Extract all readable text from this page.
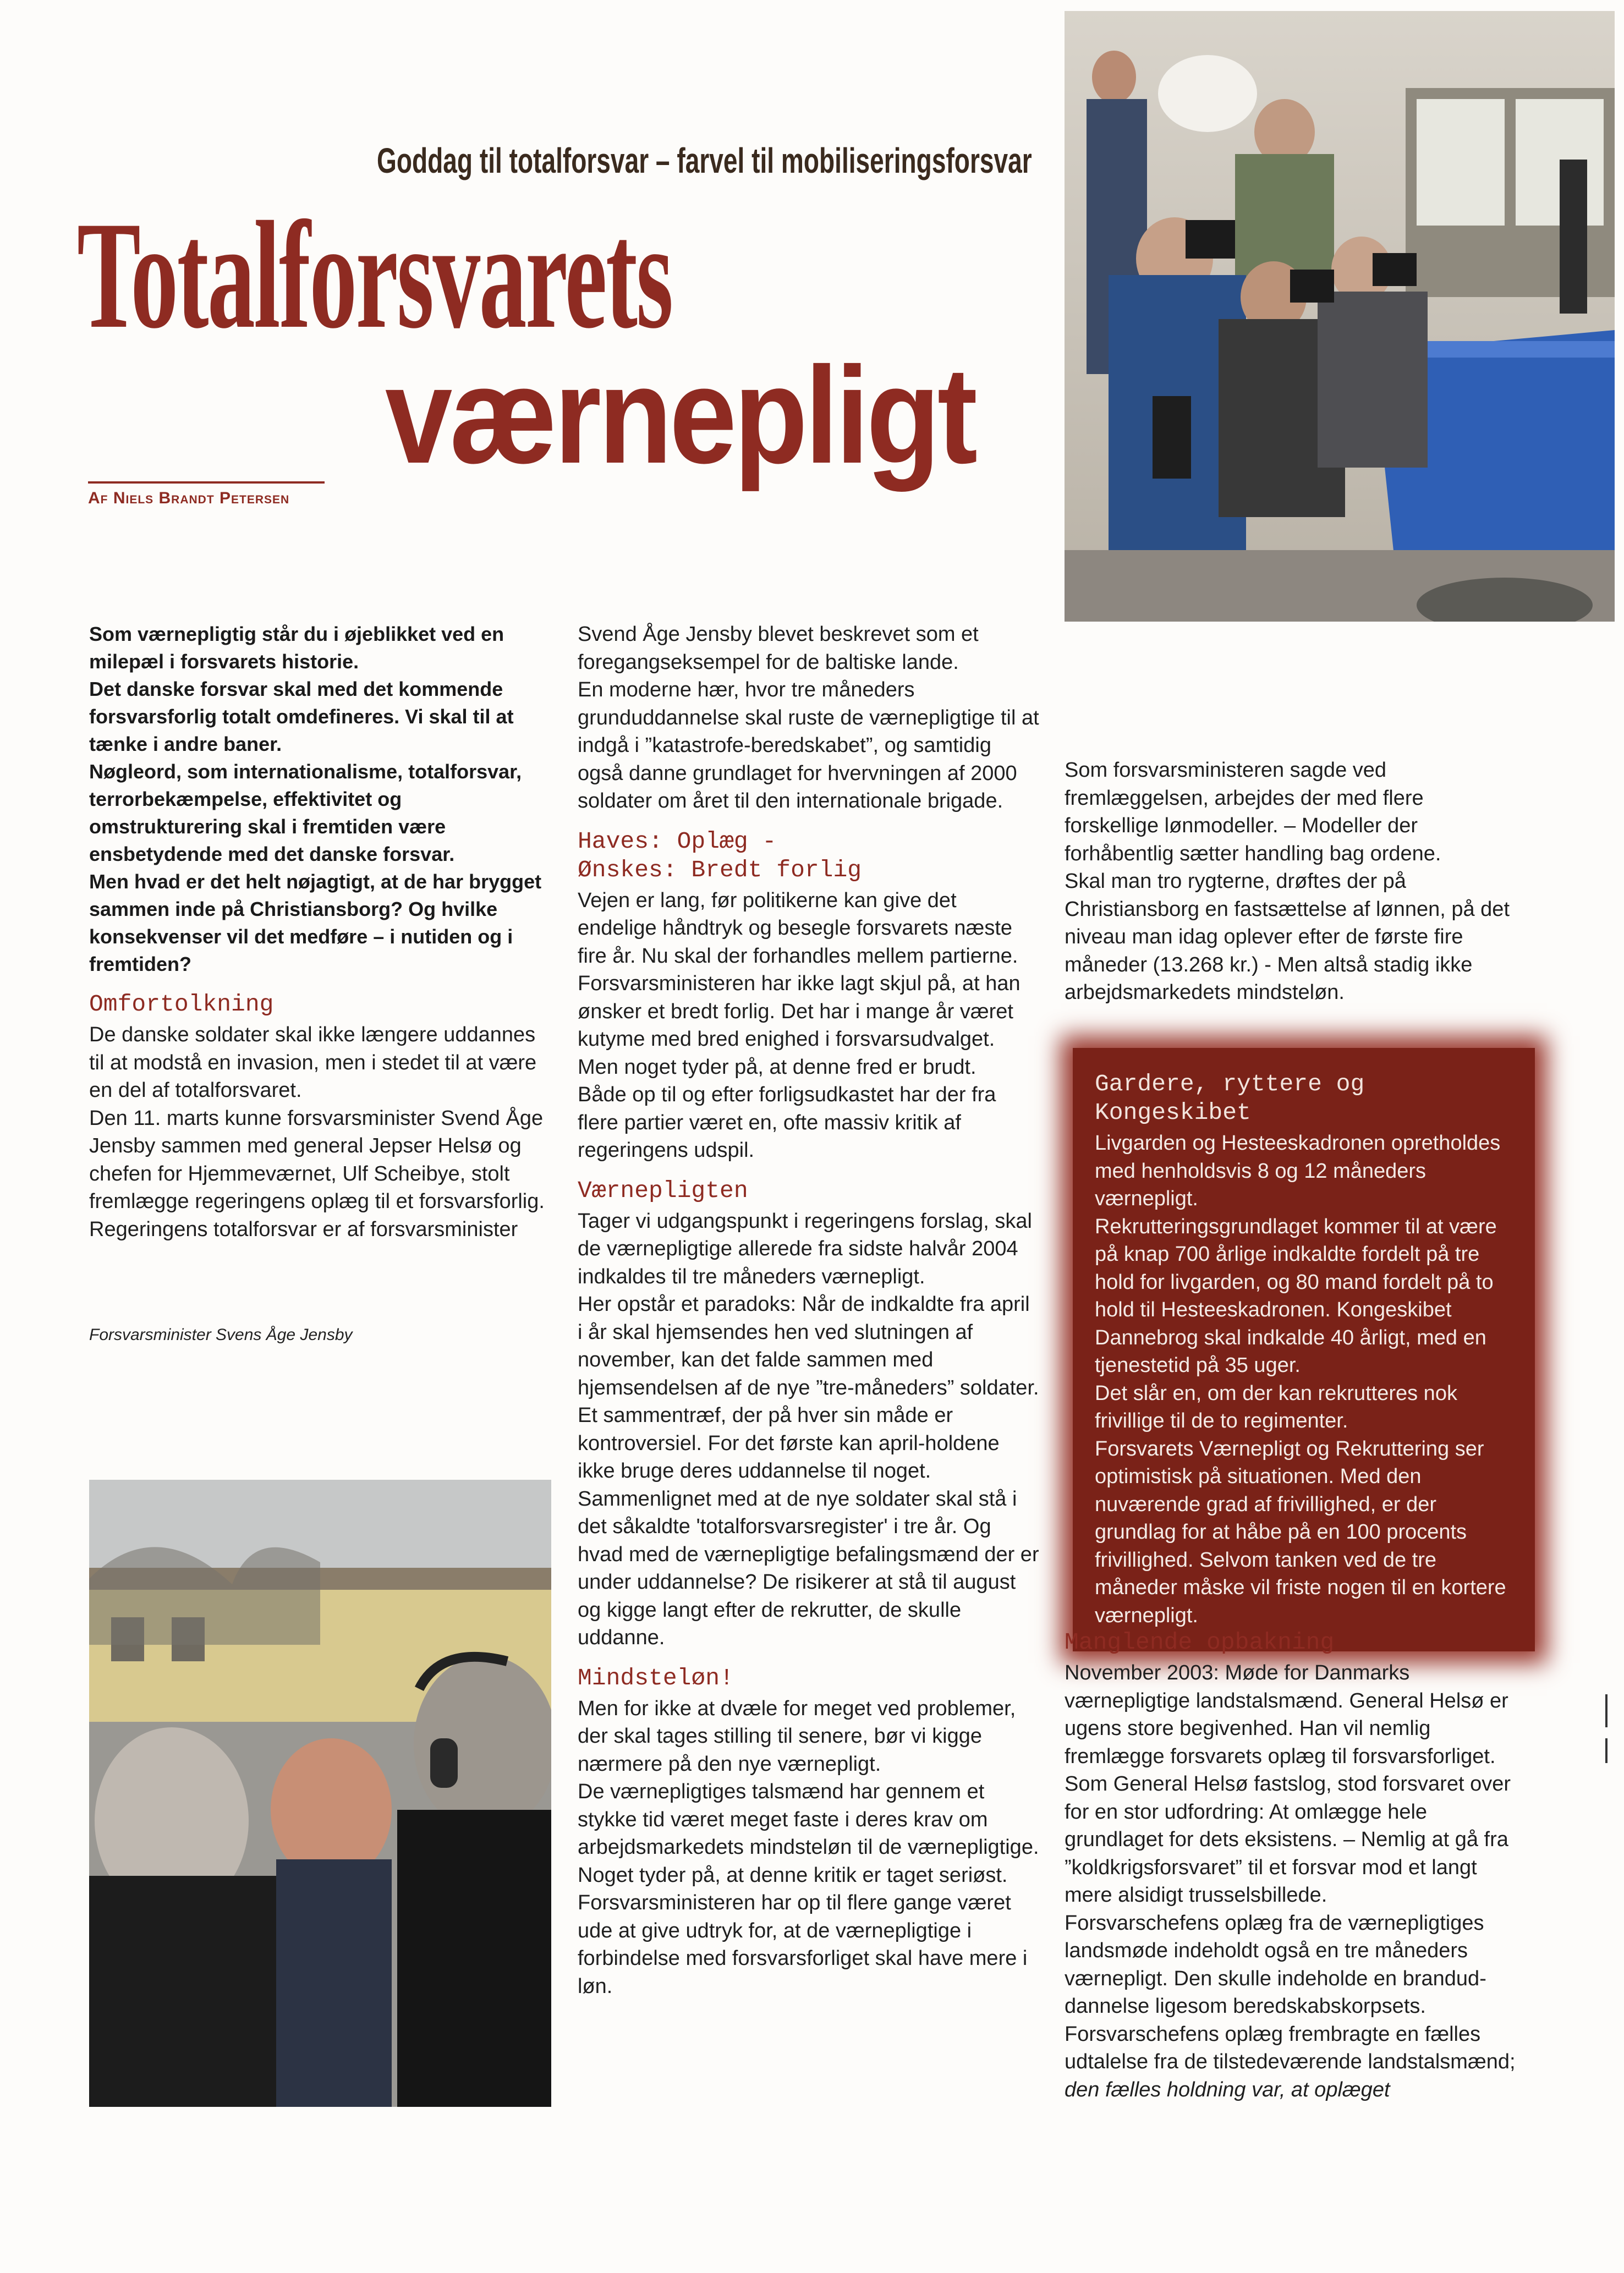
Goddag til totalforsvar – farvel til mobiliseringsforsvar
Totalforsvarets
værnepligt
Af Niels Brandt Petersen

Som værnepligtig står du i øjeblikket ved en milepæl i forsvarets historie.

Det danske forsvar skal med det kommende forsvarsforlig totalt omdefineres. Vi skal til at tænke i andre baner.

Nøgleord, som internationalisme, totalforsvar, terrorbekæmpelse, effektivitet og omstrukturering skal i fremtiden være ensbetydende med det danske forsvar.

Men hvad er det helt nøjagtigt, at de har brygget sammen inde på Christiansborg? Og hvilke konsekvenser vil det medføre – i nutiden og i fremtiden?

Omfortolkning

De danske soldater skal ikke længere uddannes til at modstå en invasion, men i stedet til at være en del af totalforsvaret.

Den 11. marts kunne forsvarsminister Svend Åge Jensby sammen med general Jepser Helsø og chefen for Hjemmeværnet, Ulf Scheibye, stolt fremlægge regeringens oplæg til et forsvarsforlig.

Regeringens totalforsvar er af forsvarsminister

Forsvarsminister Svens Åge Jensby

Svend Åge Jensby blevet beskrevet som et foregangseksempel for de baltiske lande.

En moderne hær, hvor tre måneders grunduddannelse skal ruste de værnepligtige til at indgå i ”katastrofe-beredskabet”, og samtidig også danne grundlaget for hvervningen af 2000 soldater om året til den internationale brigade.

Haves: Oplæg -
Ønskes: Bredt forlig

Vejen er lang, før politikerne kan give det endelige håndtryk og besegle forsvarets næste fire år. Nu skal der forhandles mellem partierne.

Forsvarsministeren har ikke lagt skjul på, at han ønsker et bredt forlig. Det har i mange år været kutyme med bred enighed i forsvarsudvalget. Men noget tyder på, at denne fred er brudt.

Både op til og efter forligsudkastet har der fra flere partier været en, ofte massiv kritik af regeringens udspil.

Værnepligten

Tager vi udgangspunkt i regeringens forslag, skal de værnepligtige allerede fra sidste halvår 2004 indkaldes til tre måneders værnepligt.

Her opstår et paradoks: Når de indkaldte fra april i år skal hjemsendes hen ved slutningen af november, kan det falde sammen med hjemsendelsen af de nye ”tre-måneders” soldater.

Et sammentræf, der på hver sin måde er kontroversiel. For det første kan april-holdene ikke bruge deres uddannelse til noget.

Sammenlignet med at de nye soldater skal stå i det såkaldte 'totalforsvarsregister' i tre år. Og hvad med de værnepligtige befalingsmænd der er under uddannelse? De risikerer at stå til august og kigge langt efter de rekrutter, de skulle uddanne.

Mindsteløn!

Men for ikke at dvæle for meget ved problemer, der skal tages stilling til senere, bør vi kigge nærmere på den nye værnepligt.

De værnepligtiges talsmænd har gennem et stykke tid været meget faste i deres krav om arbejdsmarkedets mindsteløn til de værnepligtige.

Noget tyder på, at denne kritik er taget seriøst. Forsvarsministeren har op til flere gange været ude at give udtryk for, at de værnepligtige i forbindelse med forsvarsforliget skal have mere i løn.

Som forsvarsministeren sagde ved fremlæggelsen, arbejdes der med flere forskellige lønmodeller. – Modeller der forhåbentlig sætter handling bag ordene.

Skal man tro rygterne, drøftes der på Christiansborg en fastsættelse af lønnen, på det niveau man idag oplever efter de første fire måneder (13.268 kr.) - Men altså stadig ikke arbejdsmarkedets mindsteløn.

Gardere, ryttere og
Kongeskibet

Livgarden og Hesteeskadronen opretholdes med henholdsvis 8 og 12 måneders værnepligt.

Rekrutteringsgrundlaget kommer til at være på knap 700 årlige indkaldte fordelt på tre hold for livgarden, og 80 mand fordelt på to hold til Hesteeskadronen. Kongeskibet Dannebrog skal indkalde 40 årligt, med en tjenestetid på 35 uger.

Det slår en, om der kan rekrutteres nok frivillige til de to regimenter.

Forsvarets Værnepligt og Rekruttering ser optimistisk på situationen. Med den nuværende grad af frivillighed, er der grundlag for at håbe på en 100 procents frivillighed. Selvom tanken ved de tre måneder måske vil friste nogen til en kortere værnepligt.

Manglende opbakning

November 2003: Møde for Danmarks værnepligtige landstalsmænd. General Helsø er ugens store begivenhed. Han vil nemlig fremlægge forsvarets oplæg til forsvarsforliget.

Som General Helsø fastslog, stod forsvaret over for en stor udfordring: At omlægge hele grundlaget for dets eksistens. – Nemlig at gå fra ”koldkrigsforsvaret” til et forsvar mod et langt mere alsidigt trusselsbillede.

Forsvarschefens oplæg fra de værnepligtiges landsmøde indeholdt også en tre måneders værnepligt. Den skulle indeholde en branduddannelse ligesom beredskabskorpsets.

Forsvarschefens oplæg frembragte en fælles udtalelse fra de tilstedeværende landstalsmænd; den fælles holdning var, at oplæget
